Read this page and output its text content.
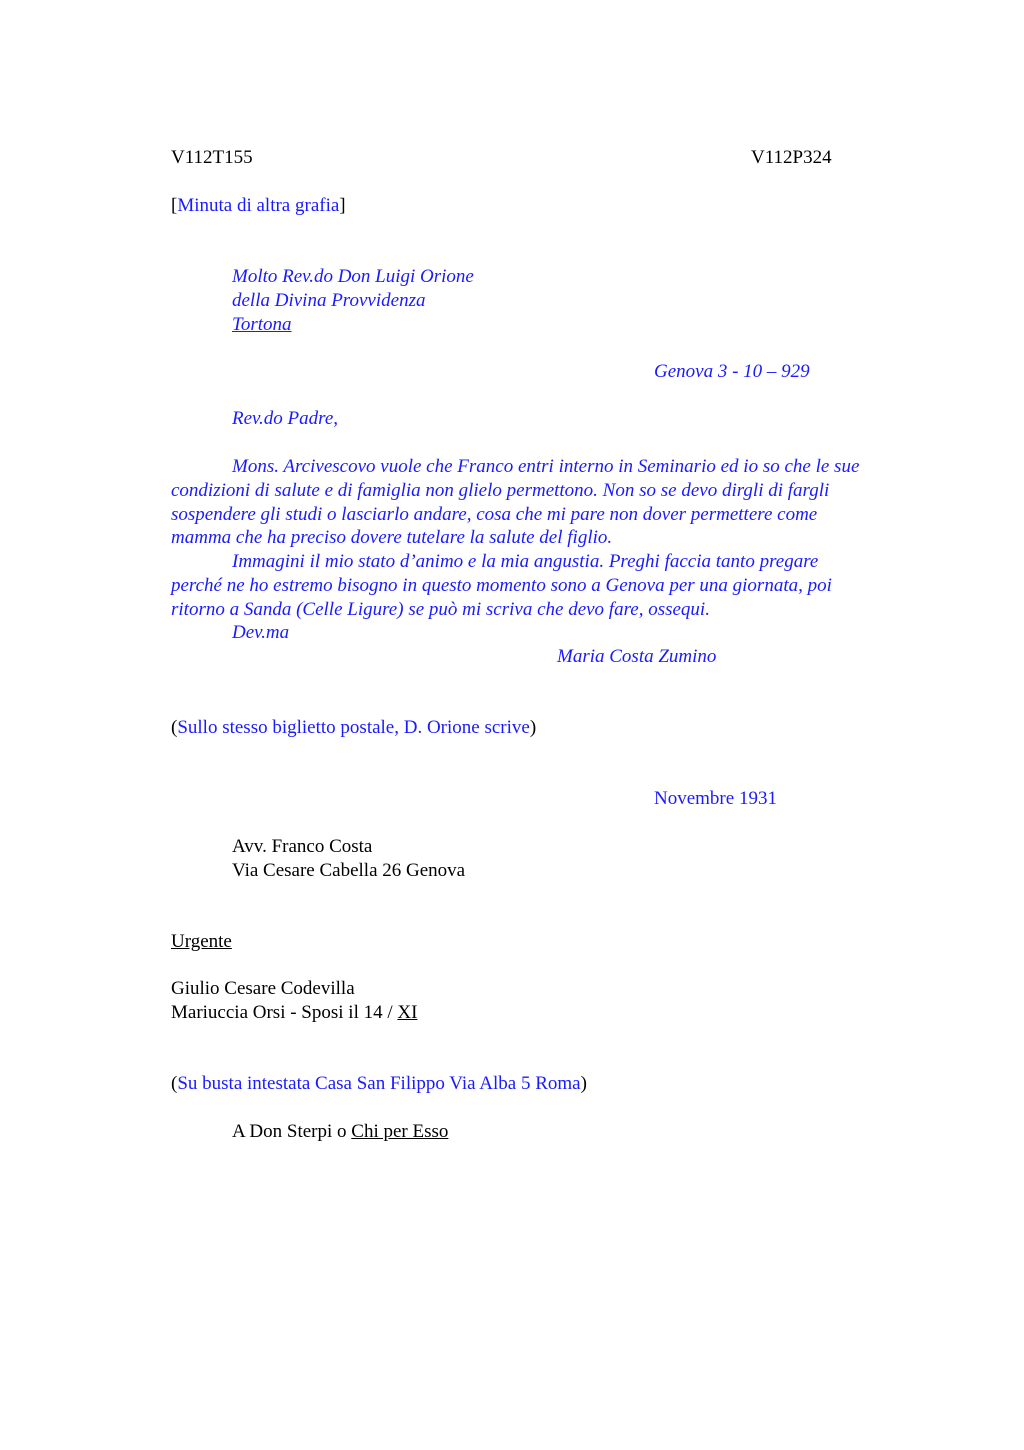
V112T155	V112P324
[Minuta di altra grafia]
Molto Rev.do Don Luigi Orione
della Divina Provvidenza
Tortona
Genova 3 - 10 – 929
Rev.do Padre,
Mons. Arcivescovo vuole che Franco entri interno in Seminario ed io so che le sue
condizioni di salute e di famiglia non glielo permettono. Non so se devo dirgli di fargli
sospendere gli studi o lasciarlo andare, cosa che mi pare non dover permettere come
mamma che ha preciso dovere tutelare la salute del figlio.
Immagini il mio stato d’animo e la mia angustia. Preghi faccia tanto pregare
perché ne ho estremo bisogno in questo momento sono a Genova per una giornata, poi
ritorno a Sanda (Celle Ligure) se può mi scriva che devo fare, ossequi.
Dev.ma
Maria Costa Zumino
(Sullo stesso biglietto postale, D. Orione scrive)
Novembre 1931
Avv. Franco Costa
Via Cesare Cabella 26 Genova
Urgente
Giulio Cesare Codevilla
Mariuccia Orsi - Sposi il 14 / XI
(Su busta intestata Casa San Filippo Via Alba 5 Roma)
A Don Sterpi o Chi per Esso
